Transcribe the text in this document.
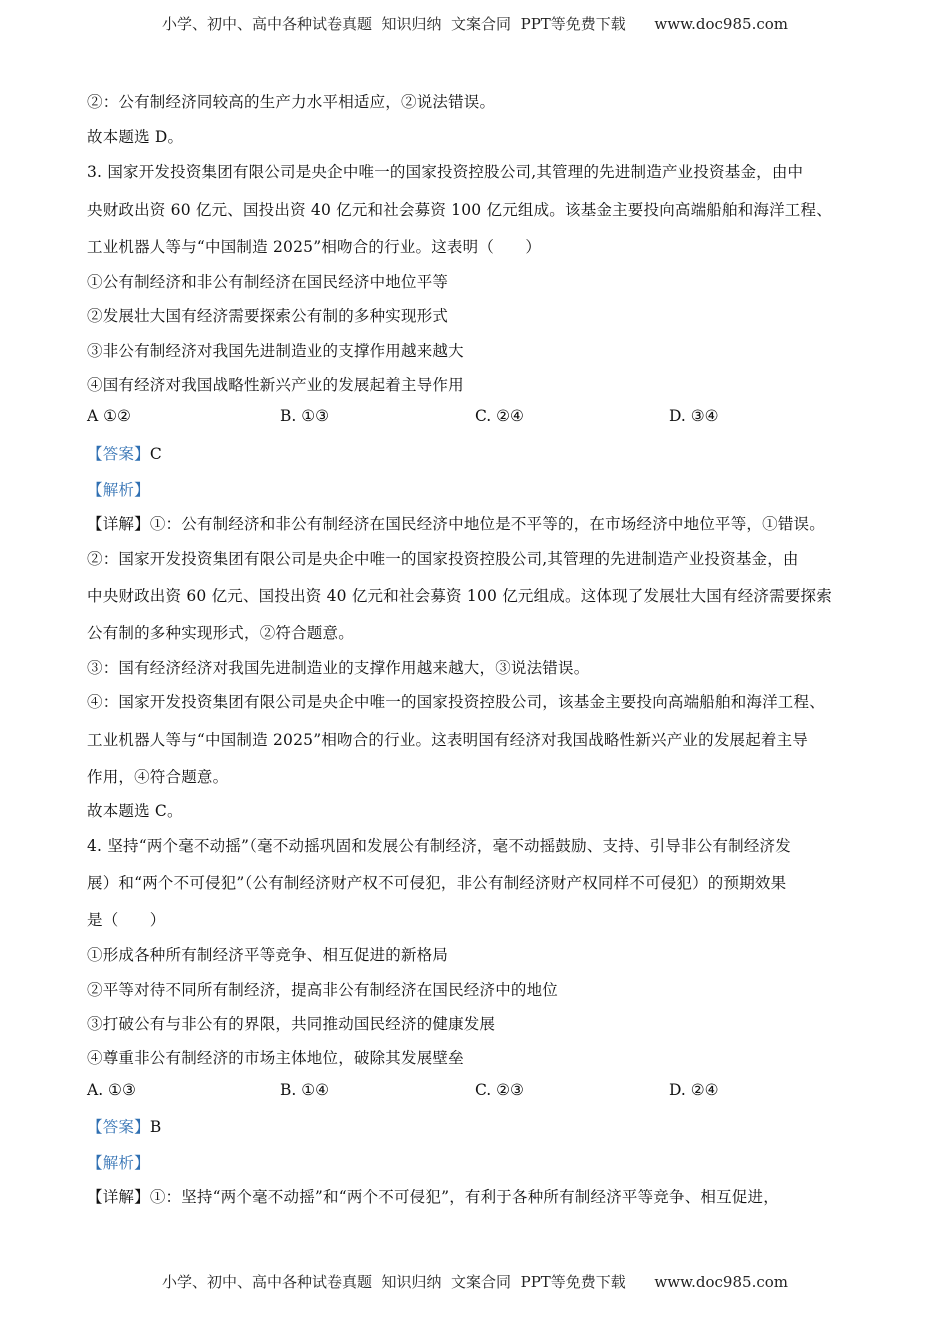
小学、初中、高中各种试卷真题  知识归纳  文案合同  PPT等免费下载      www.doc985.com
②：公有制经济同较高的生产力水平相适应，②说法错误。
故本题选 D。
3. 国家开发投资集团有限公司是央企中唯一的国家投资控股公司,其管理的先进制造产业投资基金，由中
央财政出资 60 亿元、国投出资 40 亿元和社会募资 100 亿元组成。该基金主要投向高端船舶和海洋工程、
工业机器人等与“中国制造 2025”相吻合的行业。这表明（　　）
①公有制经济和非公有制经济在国民经济中地位平等
②发展壮大国有经济需要探索公有制的多种实现形式
③非公有制经济对我国先进制造业的支撑作用越来越大
④国有经济对我国战略性新兴产业的发展起着主导作用
A ①②	B. ①③	C. ②④	D. ③④
【答案】C
【解析】
【详解】①：公有制经济和非公有制经济在国民经济中地位是不平等的，在市场经济中地位平等，①错误。
②：国家开发投资集团有限公司是央企中唯一的国家投资控股公司,其管理的先进制造产业投资基金，由
中央财政出资 60 亿元、国投出资 40 亿元和社会募资 100 亿元组成。这体现了发展壮大国有经济需要探索
公有制的多种实现形式，②符合题意。
③：国有经济经济对我国先进制造业的支撑作用越来越大，③说法错误。
④：国家开发投资集团有限公司是央企中唯一的国家投资控股公司，该基金主要投向高端船舶和海洋工程、
工业机器人等与“中国制造 2025”相吻合的行业。这表明国有经济对我国战略性新兴产业的发展起着主导
作用，④符合题意。
故本题选 C。
4. 坚持“两个毫不动摇”（毫不动摇巩固和发展公有制经济，毫不动摇鼓励、支持、引导非公有制经济发
展）和“两个不可侵犯”（公有制经济财产权不可侵犯，非公有制经济财产权同样不可侵犯）的预期效果
是（　　）
①形成各种所有制经济平等竞争、相互促进的新格局
②平等对待不同所有制经济，提高非公有制经济在国民经济中的地位
③打破公有与非公有的界限，共同推动国民经济的健康发展
④尊重非公有制经济的市场主体地位，破除其发展壁垒
A. ①③	B. ①④	C. ②③	D. ②④
【答案】B
【解析】
【详解】①：坚持“两个毫不动摇”和“两个不可侵犯”，有利于各种所有制经济平等竞争、相互促进，
小学、初中、高中各种试卷真题  知识归纳  文案合同  PPT等免费下载      www.doc985.com
